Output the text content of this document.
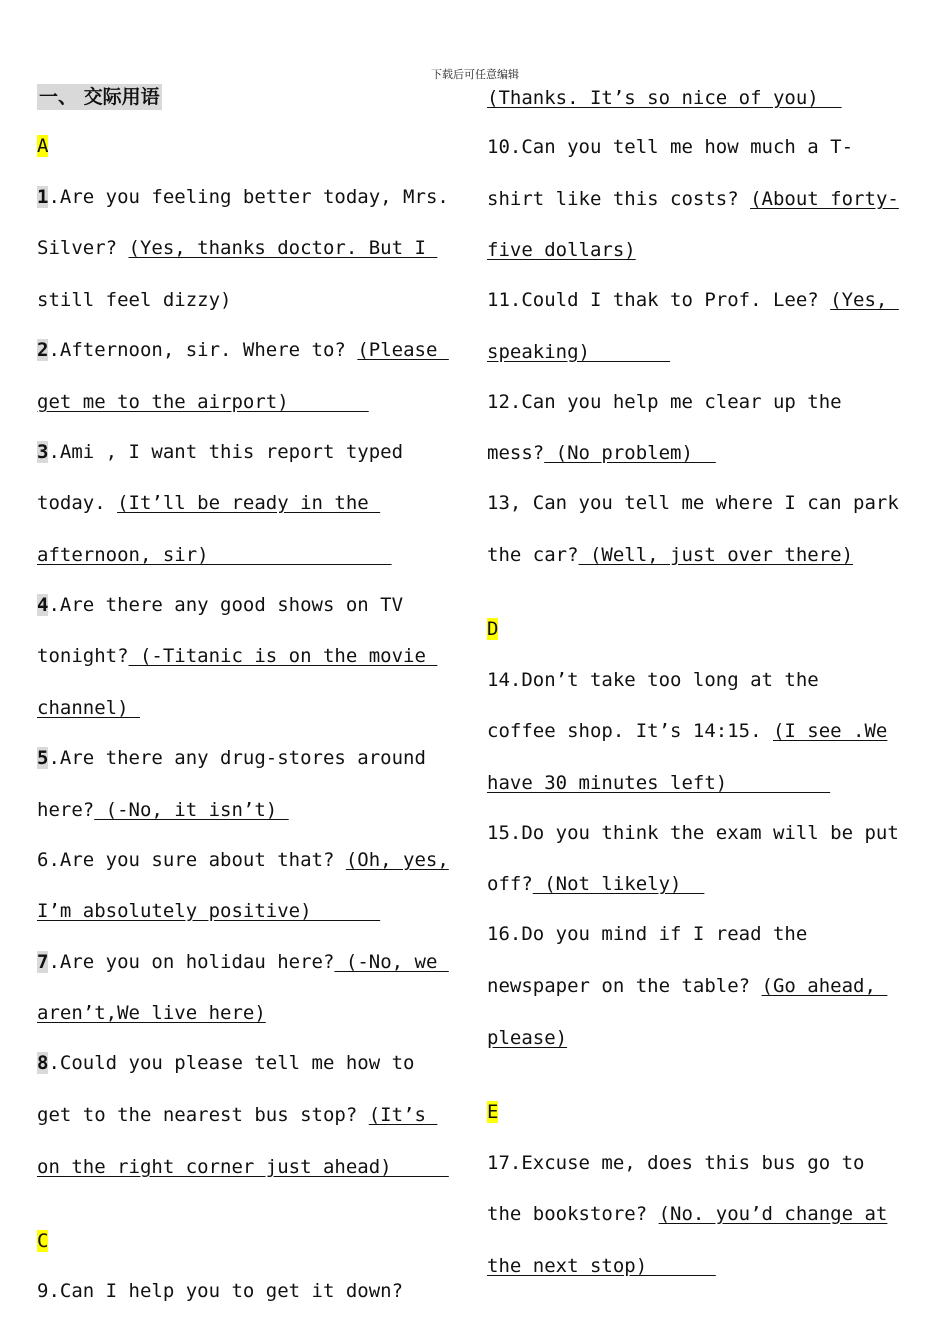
下载后可任意编辑
一、 交际用语
A
1.Are you feeling better today, Mrs.
Silver? (Yes, thanks doctor. But I
still feel dizzy)
2.Afternoon, sir. Where to? (Please
get me to the airport)
3.Ami , I want this report typed
today. (It’ll be ready in the
afternoon, sir)
4.Are there any good shows on TV
tonight? (-Titanic is on the movie
channel)
5.Are there any drug-stores around
here? (-No, it isn’t)
6.Are you sure about that? (Oh, yes,
I’m absolutely positive)
7.Are you on holidau here? (-No, we
aren’t,We live here)
8.Could you please tell me how to
get to the nearest bus stop? (It’s
on the right corner just ahead)
C
9.Can I help you to get it down?
(Thanks. It’s so nice of you)
10.Can you tell me how much a T-
shirt like this costs? (About forty-
five dollars)
11.Could I thak to Prof. Lee? (Yes,
speaking)
12.Can you help me clear up the
mess? (No problem)
13, Can you tell me where I can park
the car? (Well, just over there)
D
14.Don’t take too long at the
coffee shop. It’s 14:15. (I see .We
have 30 minutes left)
15.Do you think the exam will be put
off? (Not likely)
16.Do you mind if I read the
newspaper on the table? (Go ahead,
please)
E
17.Excuse me, does this bus go to
the bookstore? (No. you’d change at
the next stop)
